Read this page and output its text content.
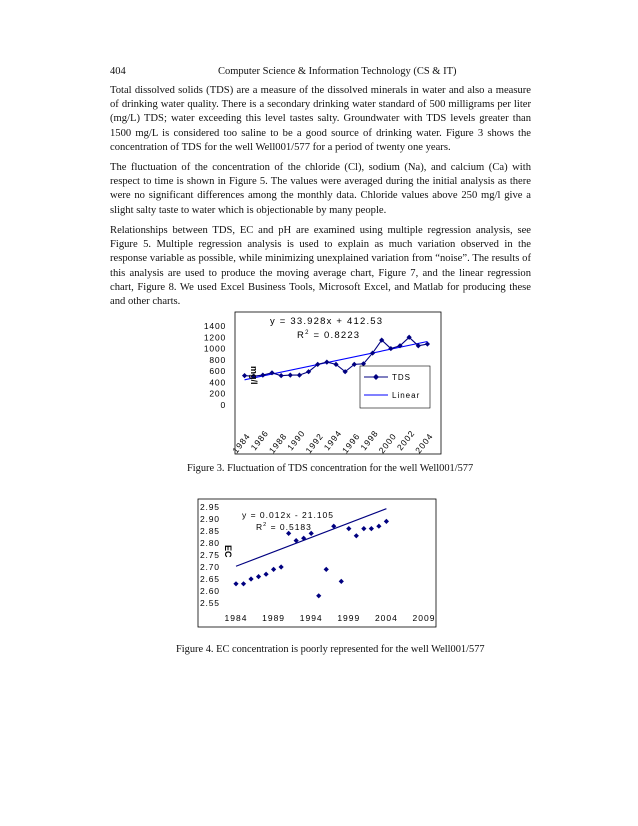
404	Computer Science & Information Technology (CS & IT)

Total dissolved solids (TDS) are a measure of the dissolved minerals in water and also a measure of drinking water quality. There is a secondary drinking water standard of 500 milligrams per liter (mg/L) TDS; water exceeding this level tastes salty. Groundwater with TDS levels greater than 1500 mg/L is considered too saline to be a good source of drinking water. Figure 3 shows the concentration of TDS for the well Well001/577 for a period of twenty one years.

The fluctuation of the concentration of the chloride (Cl), sodium (Na), and calcium (Ca) with respect to time is shown in Figure 5. The values were averaged during the initial analysis as there were no significant differences among the monthly data. Chloride values above 250 mg/l give a slight salty taste to water which is objectionable by many people.

Relationships between TDS, EC and pH are examined using multiple regression analysis, see Figure 5. Multiple regression analysis is used to explain as much variation observed in the response variable as possible, while minimizing unexplained variation from “noise”. The results of this analysis are used to produce the moving average chart, Figure 7, and the linear regression chart, Figure 8. We used Excel Business Tools, Microsoft Excel, and Matlab for producing these and other charts.

1400
1200
1000
800
600
400
200
0
1984
1986
1988
1990
1992
1994
1996
1998
2000
2002
2004
y = 33.928x + 412.53
$R^2 = 0.8223$
mg/l	TDS
Linear

Figure 3. Fluctuation of TDS concentration for the well Well001/577

2.95
2.90
2.85
2.80
2.75
2.70
2.65
2.60
2.55
1984 1989 1994 1999 2004 2009
y = 0.012x - 21.105
$R^2 = 0.5183$
EC

Figure 4. EC concentration is poorly represented for the well Well001/577
